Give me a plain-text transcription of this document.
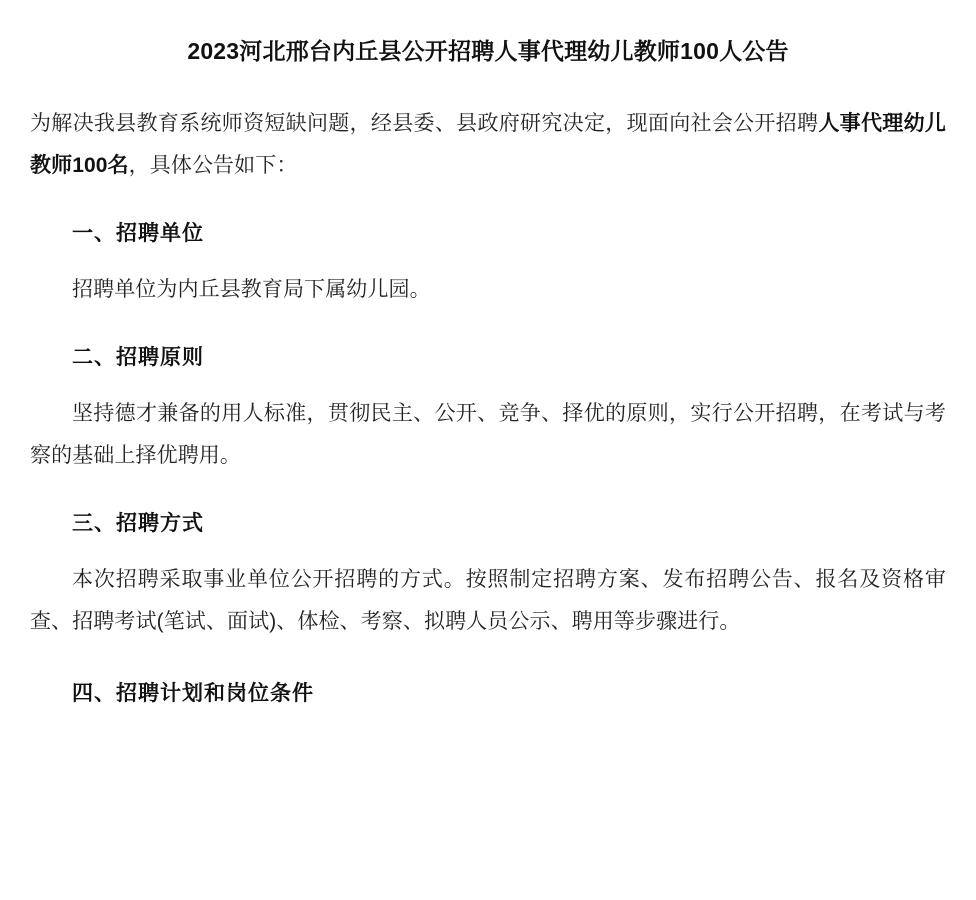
2023河北邢台内丘县公开招聘人事代理幼儿教师100人公告

为解决我县教育系统师资短缺问题，经县委、县政府研究决定，现面向社会公开招聘人事代理幼儿教师100名，具体公告如下：

一、招聘单位

招聘单位为内丘县教育局下属幼儿园。

二、招聘原则

坚持德才兼备的用人标准，贯彻民主、公开、竞争、择优的原则，实行公开招聘，在考试与考察的基础上择优聘用。

三、招聘方式

本次招聘采取事业单位公开招聘的方式。按照制定招聘方案、发布招聘公告、报名及资格审查、招聘考试(笔试、面试)、体检、考察、拟聘人员公示、聘用等步骤进行。

四、招聘计划和岗位条件
